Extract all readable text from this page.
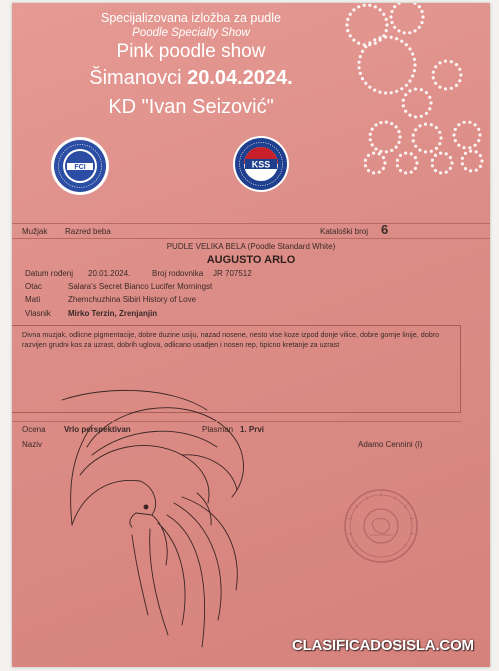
Specijalizovana izložba za pudle
Poodle Specialty Show
Pink poodle show
Šimanovci 20.04.2024.
KD "Ivan Seizović"
FCI	KSS
Mužjak Razred beba	Kataloški broj 6
PUDLE VELIKA BELA (Poodle Standard White)
AUGUSTO ARLO
Datum rođenj 20.01.2024.	Broj rodovnika JR 707512
Otac	Salara's Secret Bianco Lucifer Morningst
Mati	Zhemchuzhina Sibiri History of Love
Vlasnik Mirko Terzin, Zrenjanjin
Divna muzjak, odlicne pigmentacije, dobre duzine usiju, nazad nosene, nesto vise koze izpod donje vilice, dobre gornje linije, dobro razvijen grudni kos za uzrast, dobrih uglova, odlicano usadjen i nosen rep, tipicno kretanje za uzrast
Ocena Vrlo perspektivan	Plasman 1. Prvi
Naziv	Adamo Cennini (I)
CLASIFICADOSISLA.COM
